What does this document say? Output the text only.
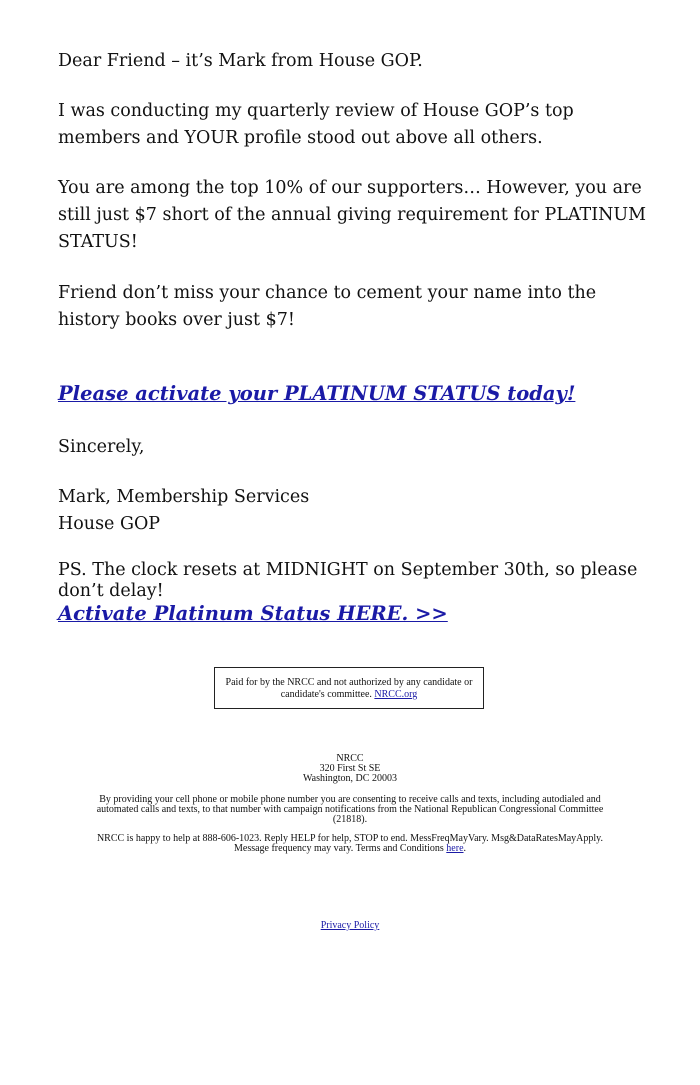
Dear Friend – it’s Mark from House GOP.

I was conducting my quarterly review of House GOP’s top members and YOUR profile stood out above all others.

You are among the top 10% of our supporters… However, you are still just $7 short of the annual giving requirement for PLATINUM STATUS!

Friend don’t miss your chance to cement your name into the history books over just $7!

Please activate your PLATINUM STATUS today!

Sincerely,

Mark, Membership Services

House GOP

PS. The clock resets at MIDNIGHT on September 30th, so please don’t delay!

Activate Platinum Status HERE. >>
Paid for by the NRCC and not authorized by any candidate or candidate's committee. NRCC.org
NRCC
320 First St SE
Washington, DC 20003
By providing your cell phone or mobile phone number you are consenting to receive calls and texts, including autodialed and automated calls and texts, to that number with campaign notifications from the National Republican Congressional Committee (21818).
NRCC is happy to help at 888-606-1023. Reply HELP for help, STOP to end. MessFreqMayVary. Msg&DataRatesMayApply. Message frequency may vary. Terms and Conditions here.
Privacy Policy
